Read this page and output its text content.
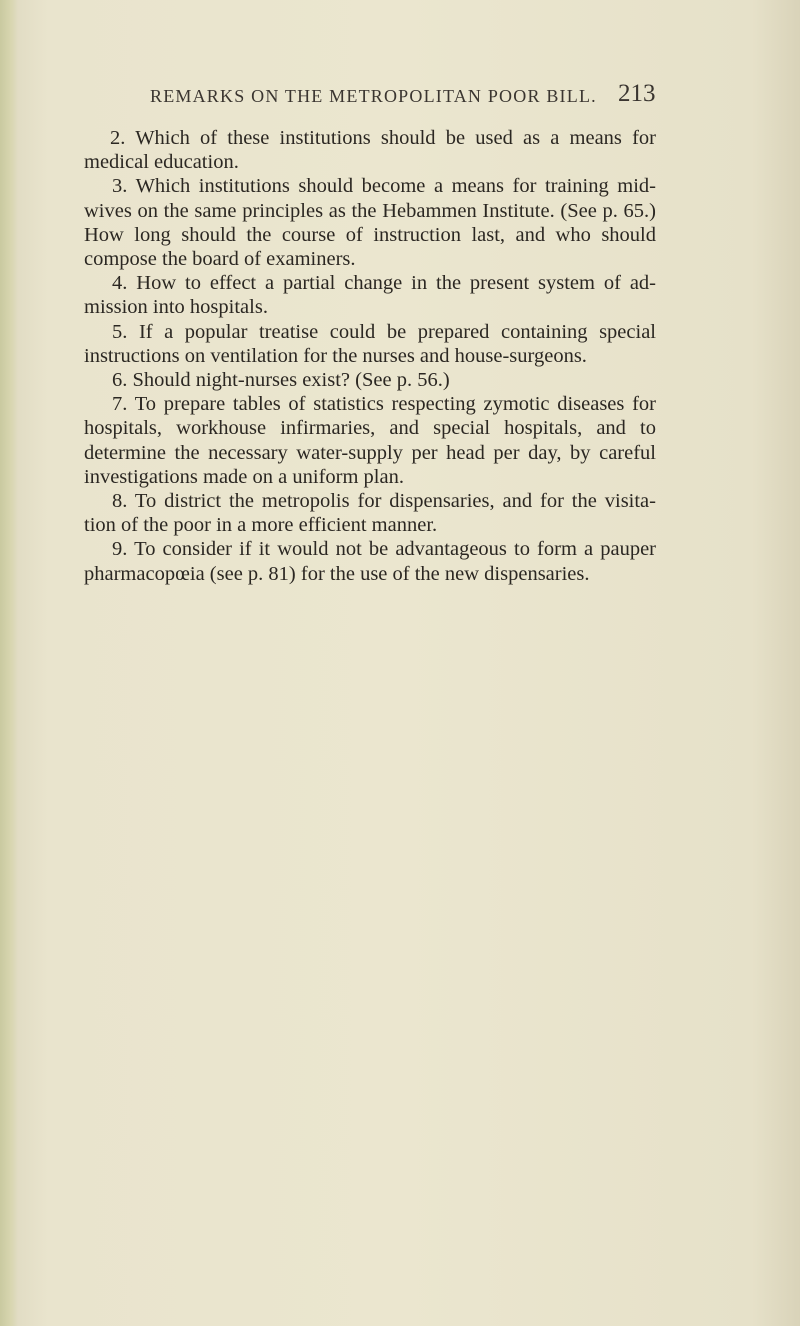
REMARKS ON THE METROPOLITAN POOR BILL. 213

2. Which of these institutions should be used as a means for medical education.

3. Which institutions should become a means for training mid-wives on the same principles as the Hebammen Institute. (See p. 65.) How long should the course of instruction last, and who should compose the board of examiners.

4. How to effect a partial change in the present system of ad-mission into hospitals.

5. If a popular treatise could be prepared containing special instructions on ventilation for the nurses and house-surgeons.

6. Should night-nurses exist? (See p. 56.)

7. To prepare tables of statistics respecting zymotic diseases for hospitals, workhouse infirmaries, and special hospitals, and to determine the necessary water-supply per head per day, by careful investigations made on a uniform plan.

8. To district the metropolis for dispensaries, and for the visita-tion of the poor in a more efficient manner.

9. To consider if it would not be advantageous to form a pauper pharmacopœia (see p. 81) for the use of the new dispensaries.
